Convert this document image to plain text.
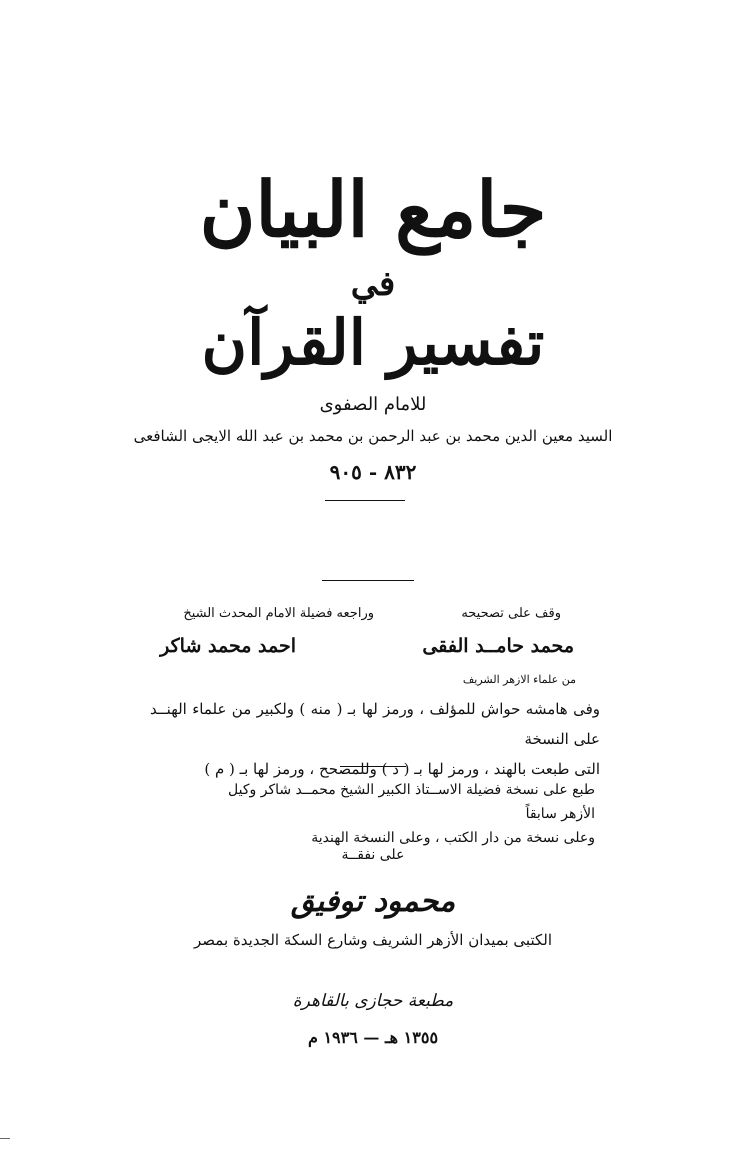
جامع البيان
في
تفسير القرآن
للامام الصفوى
السيد معين الدين محمد بن عبد الرحمن بن محمد بن عبد الله الايجى الشافعى
٨٣٢ - ٩٠٥
وقف على تصحيحه
محمد حامــد الفقى
من علماء الازهر الشريف
وراجعه فضيلة الامام المحدث الشيخ
احمد محمد شاكر
وفى هامشه حواش للمؤلف ، ورمز لها بـ ( منه ) ولكبير من علماء الهنــد على النسخة
التى طبعت بالهند ، ورمز لها بـ ( د ) وللمصحح ، ورمز لها بـ ( م )
طبع على نسخة فضيلة الاســتاذ الكبير الشيخ محمــد شاكر وكيل الأزهر سابقاً
وعلى نسخة من دار الكتب ، وعلى النسخة الهندية
على نفقــة
محمود توفيق
الكتبى بميدان الأزهر الشريف وشارع السكة الجديدة بمصر
مطبعة حجازى بالقاهرة
١٣٥٥ هـ — ١٩٣٦ م
